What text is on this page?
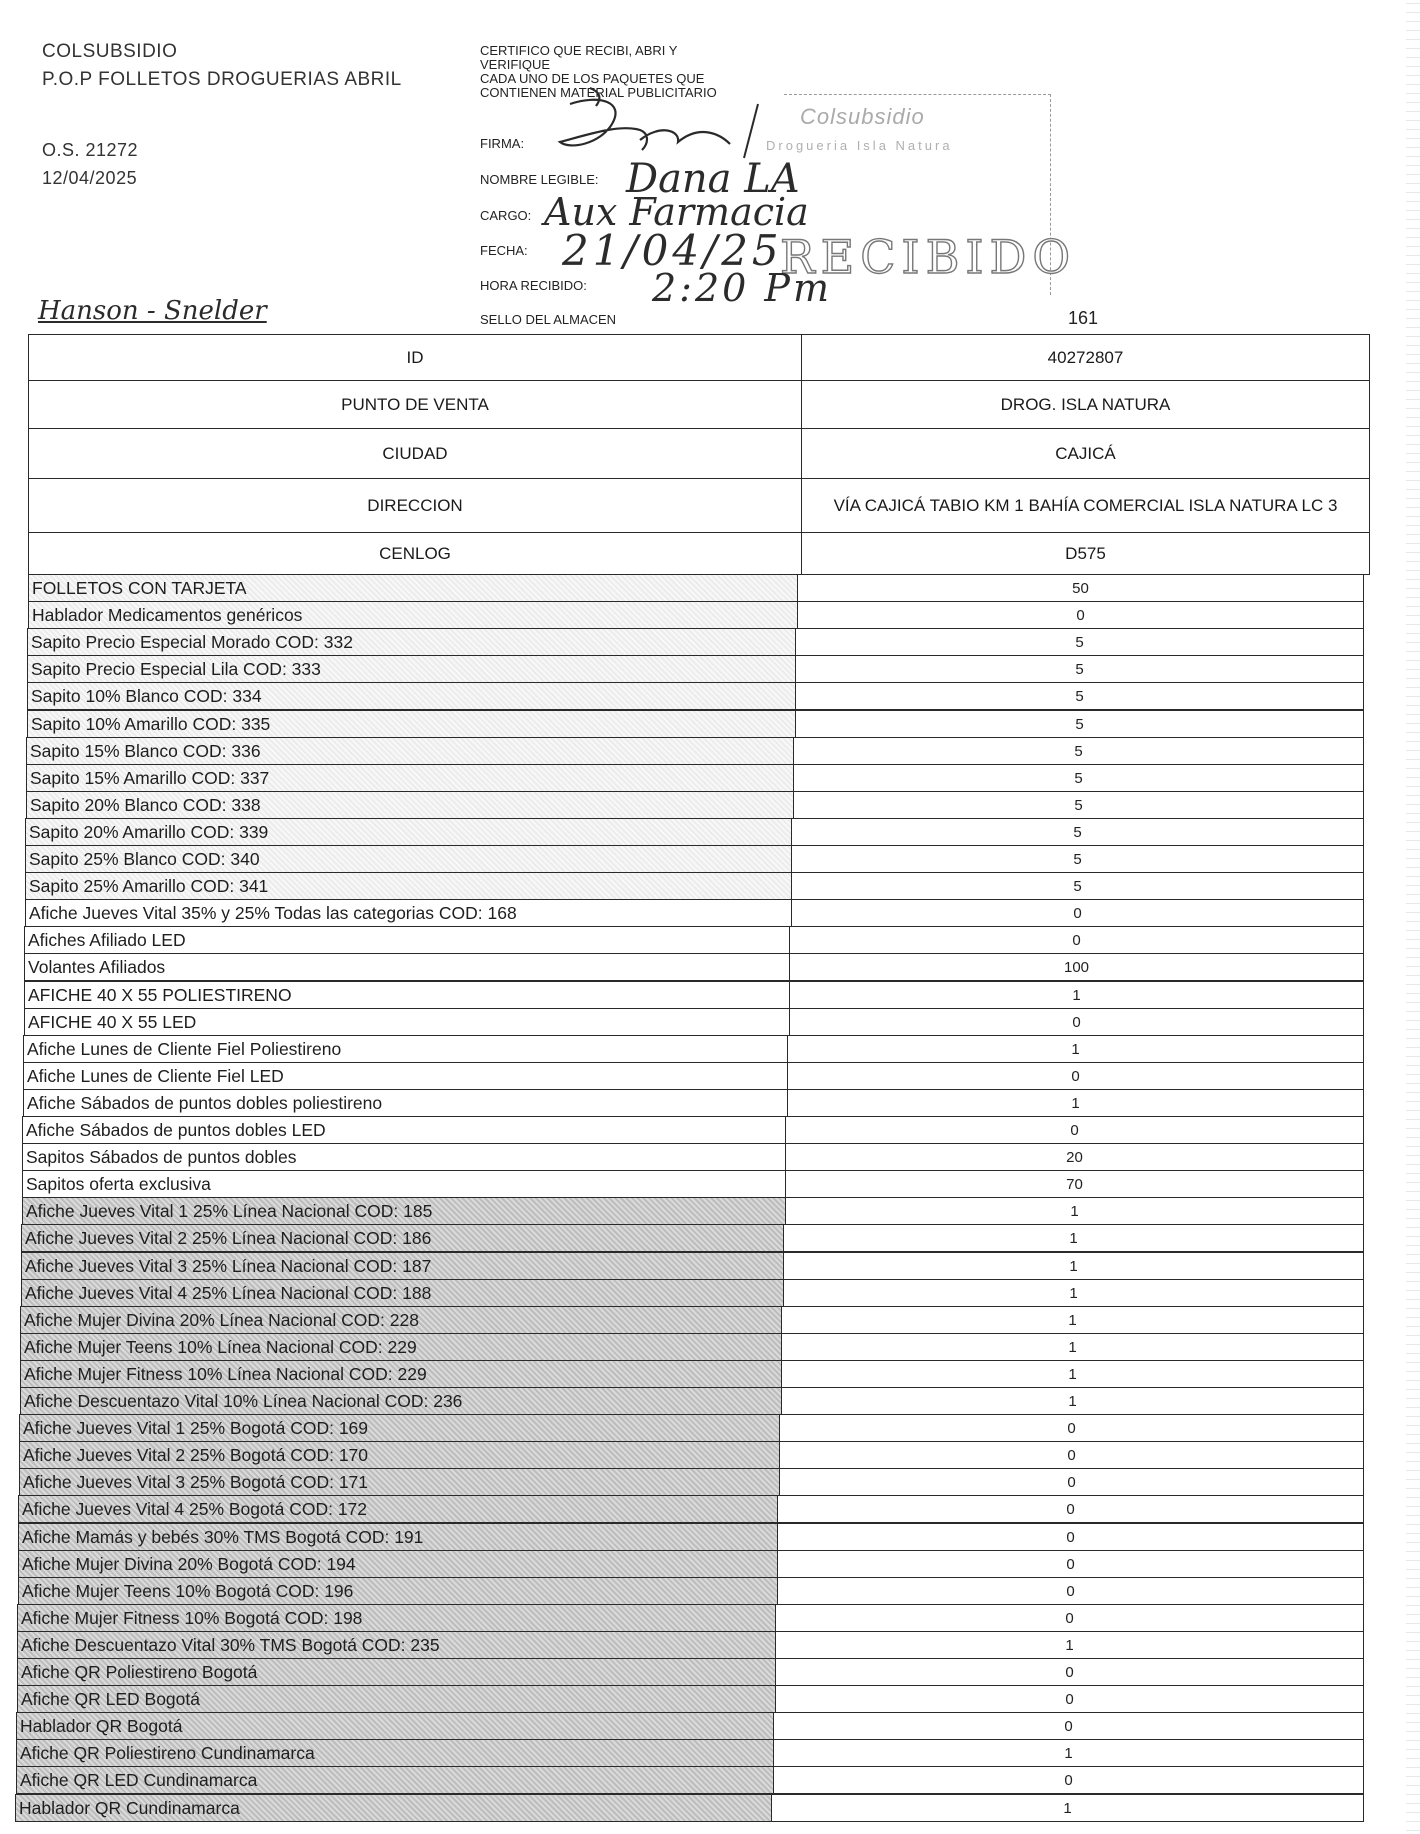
COLSUBSIDIO
P.O.P FOLLETOS DROGUERIAS ABRIL
O.S. 21272
12/04/2025
CERTIFICO QUE RECIBI, ABRI Y
VERIFIQUE
CADA UNO DE LOS PAQUETES QUE
CONTIENEN MATERIAL PUBLICITARIO
FIRMA:
NOMBRE LEGIBLE:
CARGO:
FECHA:
HORA RECIBIDO:
Colsubsidio
Drogueria Isla Natura
RECIBIDO
Dana LA
Aux Farmacia
21/04/25
2:20 Pm
Hanson - Snelder	SELLO DEL ALMACEN	161
ID	40272807
PUNTO DE VENTA	DROG. ISLA NATURA
CIUDAD	CAJICÁ
DIRECCION	VÍA CAJICÁ TABIO KM 1 BAHÍA COMERCIAL ISLA NATURA LC 3
CENLOG	D575
FOLLETOS CON TARJETA	50
Hablador Medicamentos genéricos	0
Sapito Precio Especial Morado COD: 332	5
Sapito Precio Especial Lila COD: 333	5
Sapito 10% Blanco COD: 334	5
Sapito 10% Amarillo COD: 335	5
Sapito 15% Blanco COD: 336	5
Sapito 15% Amarillo COD: 337	5
Sapito 20% Blanco COD: 338	5
Sapito 20% Amarillo COD: 339	5
Sapito 25% Blanco COD: 340	5
Sapito 25% Amarillo COD: 341	5
Afiche Jueves Vital 35% y 25% Todas las categorias COD: 168	0
Afiches Afiliado LED	0
Volantes Afiliados	100
AFICHE 40 X 55 POLIESTIRENO	1
AFICHE 40 X 55 LED	0
Afiche Lunes de Cliente Fiel Poliestireno	1
Afiche Lunes de Cliente Fiel LED	0
Afiche Sábados de puntos dobles poliestireno	1
Afiche Sábados de puntos dobles LED	0
Sapitos Sábados de puntos dobles	20
Sapitos oferta exclusiva	70
Afiche Jueves Vital 1 25% Línea Nacional COD: 185	1
Afiche Jueves Vital 2 25% Línea Nacional COD: 186	1
Afiche Jueves Vital 3 25% Línea Nacional COD: 187	1
Afiche Jueves Vital 4 25% Línea Nacional COD: 188	1
Afiche Mujer Divina 20% Línea Nacional COD: 228	1
Afiche Mujer Teens 10% Línea Nacional COD: 229	1
Afiche Mujer Fitness 10% Línea Nacional COD: 229	1
Afiche Descuentazo Vital 10% Línea Nacional COD: 236	1
Afiche Jueves Vital 1 25% Bogotá COD: 169	0
Afiche Jueves Vital 2 25% Bogotá COD: 170	0
Afiche Jueves Vital 3 25% Bogotá COD: 171	0
Afiche Jueves Vital 4 25% Bogotá COD: 172	0
Afiche Mamás y bebés 30% TMS Bogotá COD: 191	0
Afiche Mujer Divina 20% Bogotá COD: 194	0
Afiche Mujer Teens 10% Bogotá COD: 196	0
Afiche Mujer Fitness 10% Bogotá COD: 198	0
Afiche Descuentazo Vital 30% TMS Bogotá COD: 235	1
Afiche QR Poliestireno Bogotá	0
Afiche QR LED Bogotá	0
Hablador QR Bogotá	0
Afiche QR Poliestireno Cundinamarca	1
Afiche QR LED Cundinamarca	0
Hablador QR Cundinamarca	1
